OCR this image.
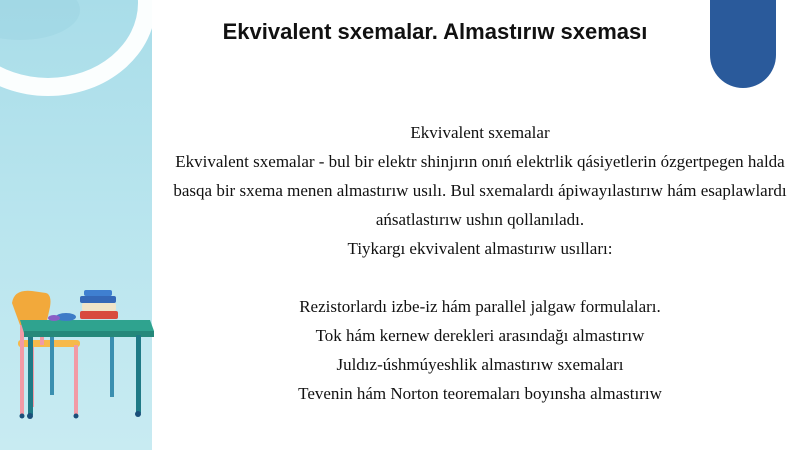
Ekvivalent sxemalar. Almastırıw sxeması

Ekvivalent sxemalar

Ekvivalent sxemalar - bul bir elektr shinjırın onıń elektrlik qásiyetlerin ózgertpegen halda basqa bir sxema menen almastırıw usılı. Bul sxemalardı ápiwayılastırıw hám esaplawlardı ańsatlastırıw ushın qollanıladı.

Tiykargı ekvivalent almastırıw usılları:

Rezistorlardı izbe-iz hám parallel jalgaw formulaları.

Tok hám kernew derekleri arasındağı almastırıw

Juldız-úshmúyeshlik almastırıw sxemaları

Tevenin hám Norton teoremaları boyınsha almastırıw
